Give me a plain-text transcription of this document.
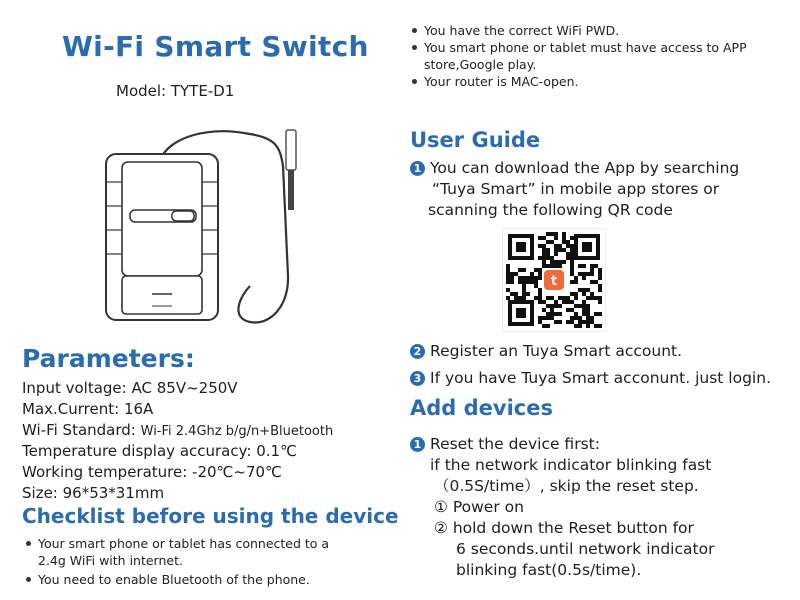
Wi-Fi Smart Switch
Model: TYTE-D1
Parameters:
Input voltage: AC 85V~250V
Max.Current: 16A
Wi-Fi Standard: Wi-Fi 2.4Ghz b/g/n+Bluetooth
Temperature display accuracy: 0.1℃
Working temperature: -20℃~70℃
Size: 96*53*31mm
Checklist before using the device
Your smart phone or tablet has connected to a
2.4g WiFi with internet.
You need to enable Bluetooth of the phone.
You have the correct WiFi PWD.
You smart phone or tablet must have access to APP
store,Google play.
Your router is MAC-open.
User Guide
1 You can download the App by searching
“Tuya Smart” in mobile app stores or
scanning the following QR code
t
2 Register an Tuya Smart account.
3 If you have Tuya Smart acconunt. just login.
Add devices
1 Reset the device first:
if the network indicator blinking fast
（0.5S/time）, skip the reset step.
① Power on
② hold down the Reset button for
6 seconds.until network indicator
blinking fast(0.5s/time).
